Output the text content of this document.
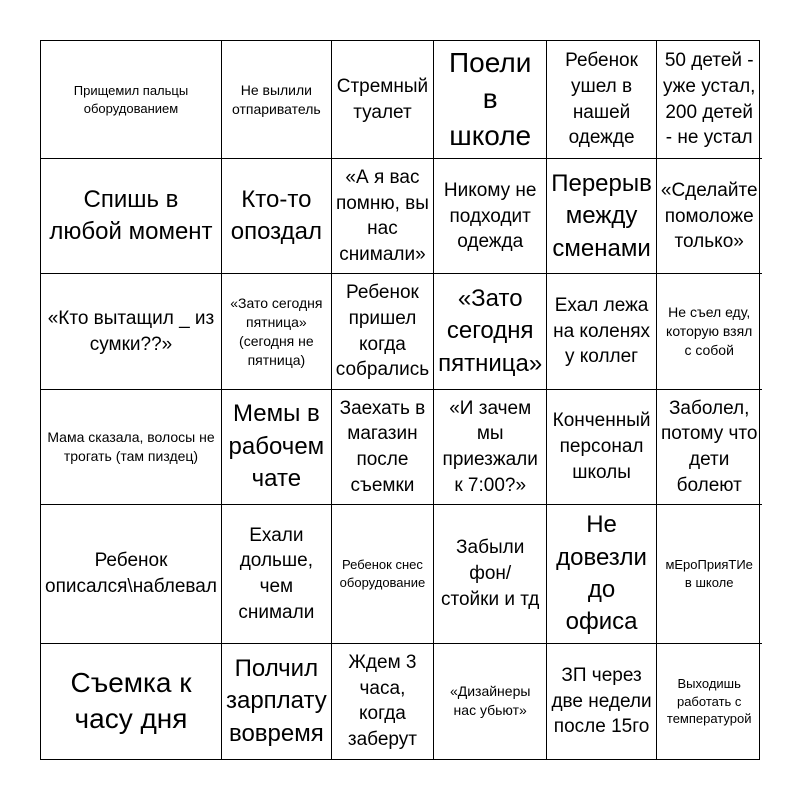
Прищемил пальцы оборудованием
Не вылили отпариватель
Стремный туалет
Поели в школе
Ребенок ушел в нашей одежде
50 детей - уже устал, 200 детей - не устал
Спишь в любой момент
Кто-то опоздал
«А я вас помню, вы нас снимали»
Никому не подходит одежда
Перерыв между сменами
«Сделайте помоложе только»
«Кто вытащил _ из сумки??»
«Зато сегодня пятница» (сегодня не пятница)
Ребенок пришел когда собрались
«Зато сегодня пятница»
Ехал лежа на коленях у коллег
Не съел еду, которую взял с собой
Мама сказала, волосы не трогать (там пиздец)
Мемы в рабочем чате
Заехать в магазин после съемки
«И зачем мы приезжали к 7:00?»
Конченный персонал школы
Заболел, потому что дети болеют
Ребенок описался\наблевал
Ехали дольше, чем снимали
Ребенок снес оборудование
Забыли фон/ стойки и тд
Не довезли до офиса
мЕроПрияТИе в школе
Съемка к часу дня
Полчил зарплату вовремя
Ждем 3 часа, когда заберут
«Дизайнеры нас убьют»
ЗП через две недели после 15го
Выходишь работать с температурой
